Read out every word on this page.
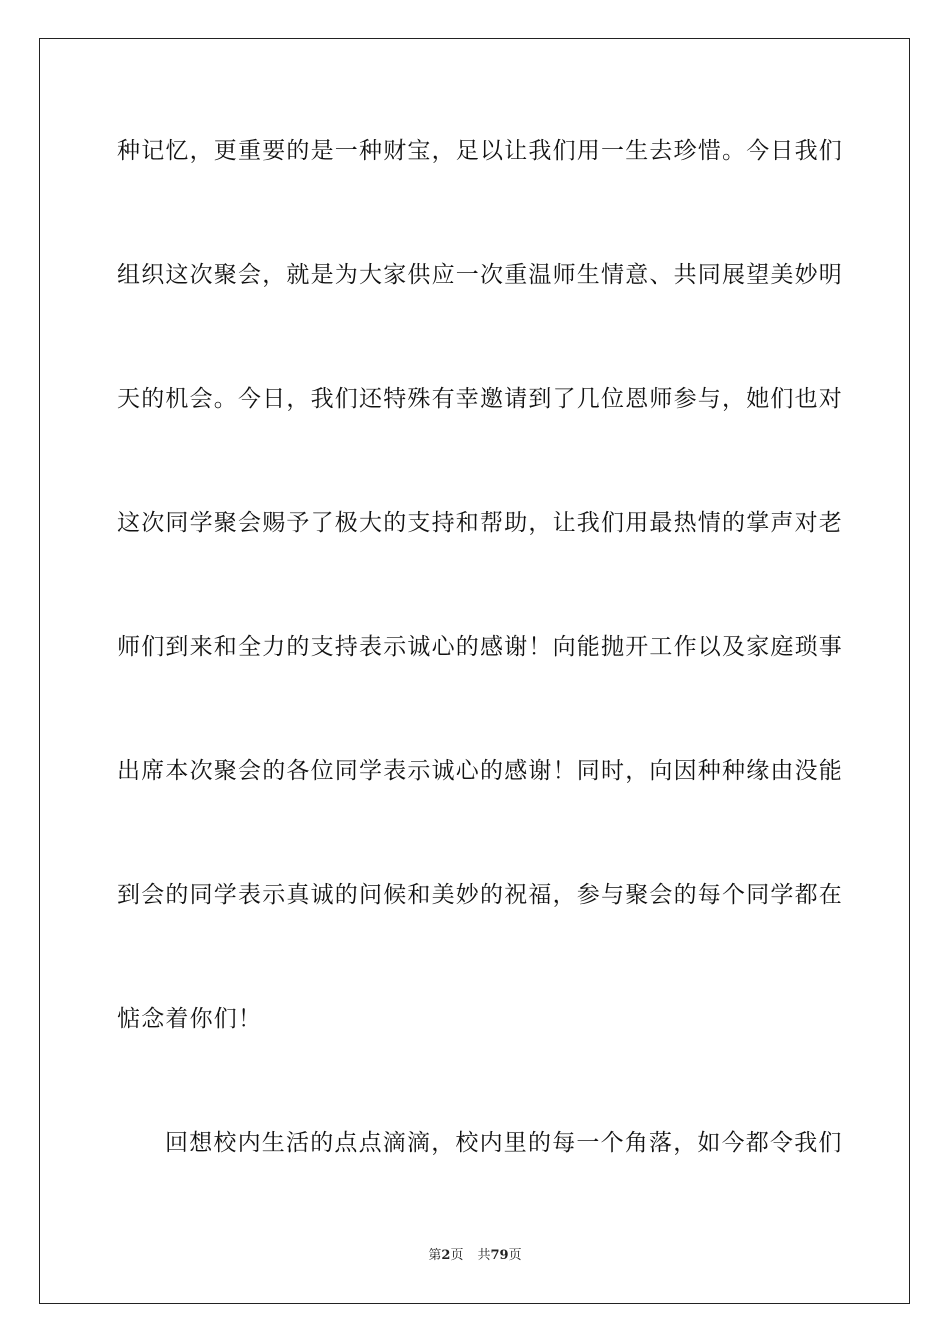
种记忆，更重要的是一种财宝，足以让我们用一生去珍惜。今日我们
组织这次聚会，就是为大家供应一次重温师生情意、共同展望美妙明
天的机会。今日，我们还特殊有幸邀请到了几位恩师参与，她们也对
这次同学聚会赐予了极大的支持和帮助，让我们用最热情的掌声对老
师们到来和全力的支持表示诚心的感谢！向能抛开工作以及家庭琐事
出席本次聚会的各位同学表示诚心的感谢！同时，向因种种缘由没能
到会的同学表示真诚的问候和美妙的祝福，参与聚会的每个同学都在
惦念着你们！
回想校内生活的点点滴滴，校内里的每一个角落，如今都令我们
第2页 共79页
